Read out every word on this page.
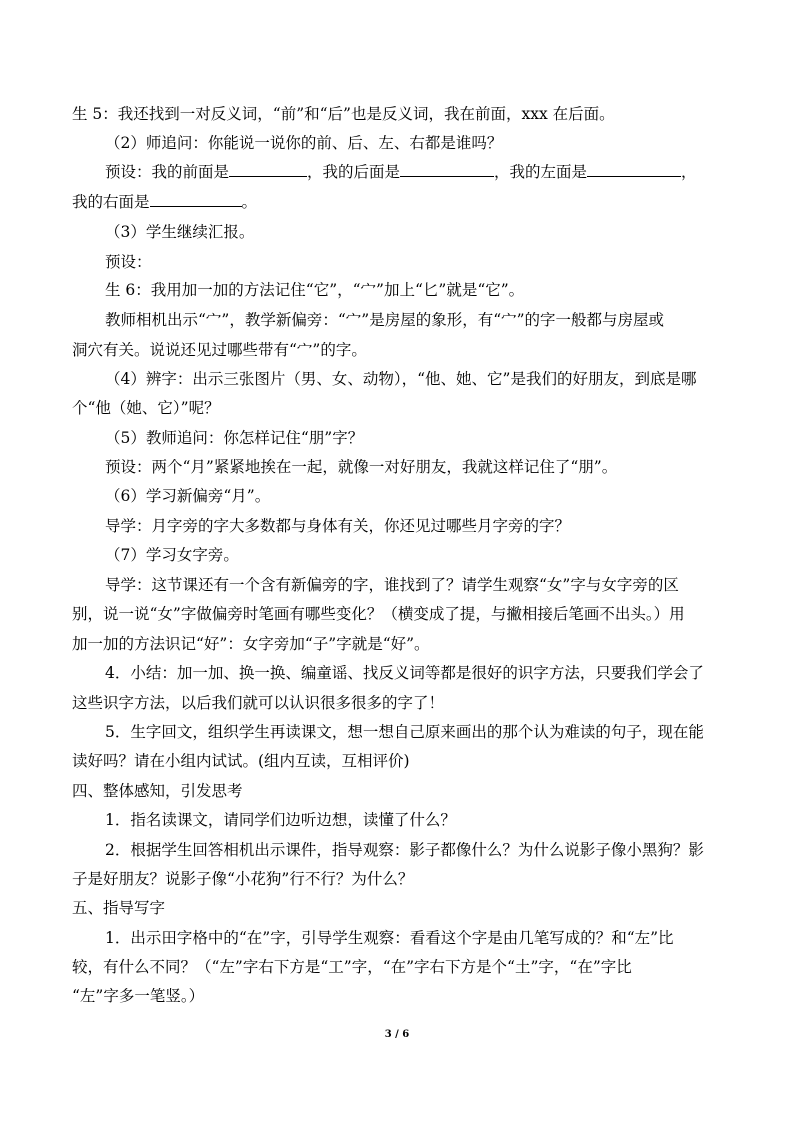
生 5：我还找到一对反义词，“前”和“后”也是反义词，我在前面，xxx 在后面。
（2）师追问：你能说一说你的前、后、左、右都是谁吗？
预设：我的前面是	，我的后面是	，我的左面是	，
我的右面是	。
（3）学生继续汇报。
预设：
生 6：我用加一加的方法记住“它”，“宀”加上“匕”就是“它”。
教师相机出示“宀”，教学新偏旁：“宀”是房屋的象形，有“宀”的字一般都与房屋或
洞穴有关。说说还见过哪些带有“宀”的字。
（4）辨字：出示三张图片（男、女、动物），“他、她、它”是我们的好朋友，到底是哪
个“他（她、它）”呢？
（5）教师追问：你怎样记住“朋”字？
预设：两个“月”紧紧地挨在一起，就像一对好朋友，我就这样记住了“朋”。
（6）学习新偏旁“月”。
导学：月字旁的字大多数都与身体有关，你还见过哪些月字旁的字？
（7）学习女字旁。
导学：这节课还有一个含有新偏旁的字，谁找到了？请学生观察“女”字与女字旁的区
别，说一说“女”字做偏旁时笔画有哪些变化？（横变成了提，与撇相接后笔画不出头。）用
加一加的方法识记“好”：女字旁加“子”字就是“好”。
4．小结：加一加、换一换、编童谣、找反义词等都是很好的识字方法，只要我们学会了
这些识字方法，以后我们就可以认识很多很多的字了！
5．生字回文，组织学生再读课文，想一想自己原来画出的那个认为难读的句子，现在能
读好吗？请在小组内试试。(组内互读，互相评价)
四、整体感知，引发思考
1．指名读课文，请同学们边听边想，读懂了什么？
2．根据学生回答相机出示课件，指导观察：影子都像什么？为什么说影子像小黑狗？影
子是好朋友？说影子像“小花狗”行不行？为什么？
五、指导写字
1．出示田字格中的“在”字，引导学生观察：看看这个字是由几笔写成的？和“左”比
较，有什么不同？（“左”字右下方是“工”字，“在”字右下方是个“土”字，“在”字比
“左”字多一笔竖。）
3 / 6
